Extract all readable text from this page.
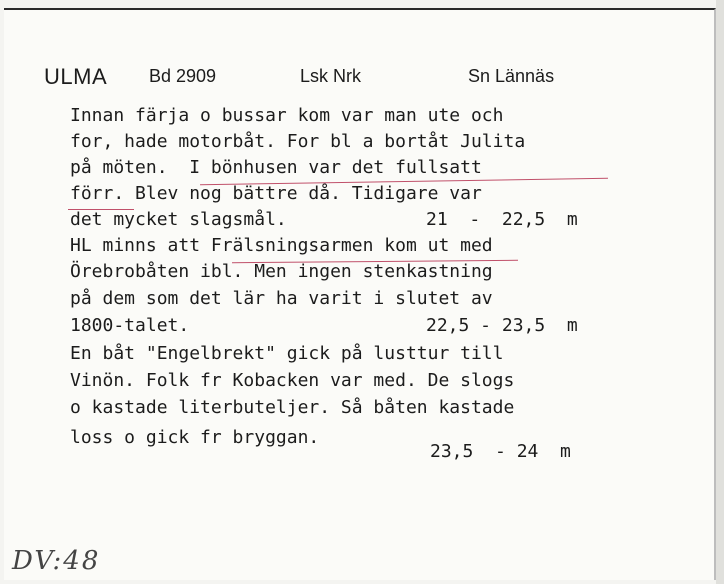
ULMA Bd 2909	Lsk Nrk	Sn Lännäs
Innan färja o bussar kom var man ute och
for, hade motorbåt. For bl a bortåt Julita
på möten.  I bönhusen var det fullsatt
förr. Blev nog bättre då. Tidigare var
det mycket slagsmål.	21  -  22,5  m
HL minns att Frälsningsarmen kom ut med
Örebrobåten ibl. Men ingen stenkastning
på dem som det lär ha varit i slutet av
1800-talet.	22,5 - 23,5  m
En båt "Engelbrekt" gick på lusttur till
Vinön. Folk fr Kobacken var med. De slogs
o kastade literbuteljer. Så båten kastade
loss o gick fr bryggan.
23,5  - 24  m
DV:48
